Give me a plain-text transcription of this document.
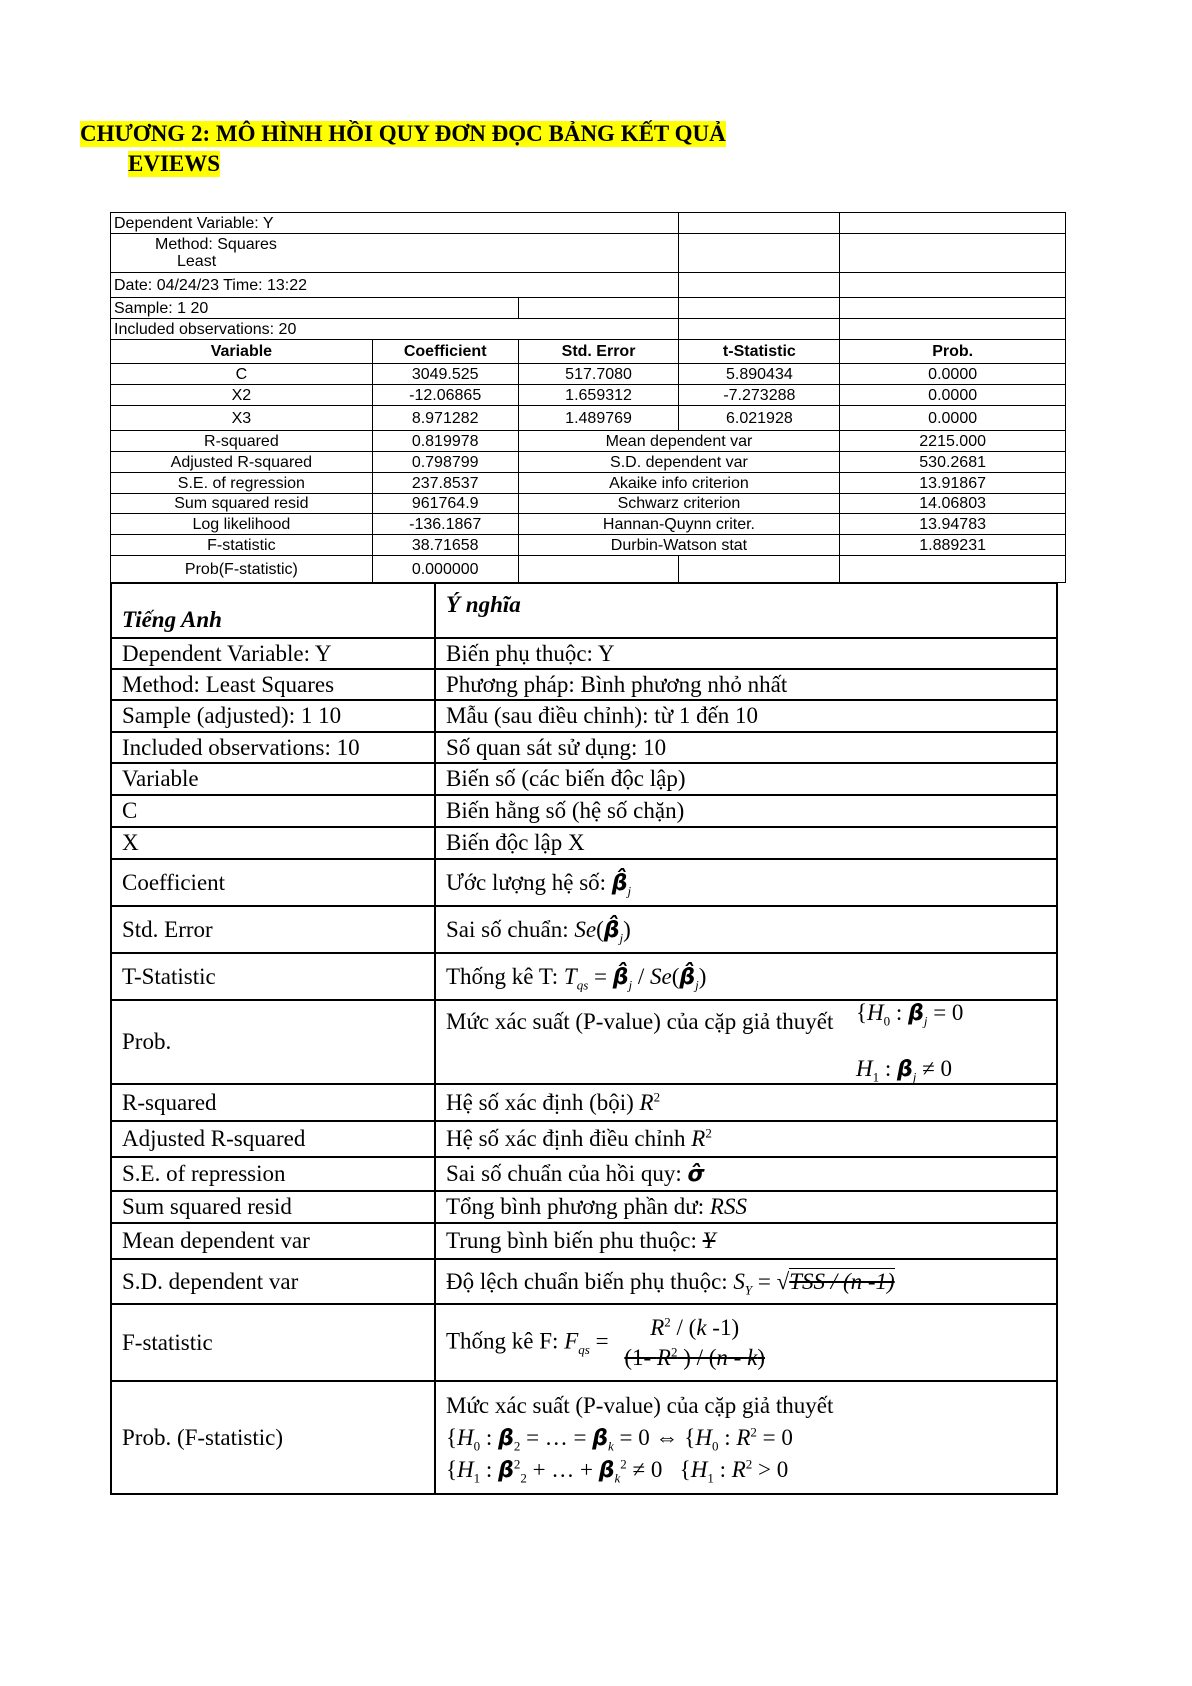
CHƯƠNG 2: MÔ HÌNH HỒI QUY ĐƠN ĐỌC BẢNG KẾT QUẢ
EVIEWS
Dependent Variable: Y				
Method: Squares
Least				
Date: 04/24/23 Time: 13:22				
Sample: 1 20				
Included observations: 20				
Variable	Coefficient	Std. Error	t-Statistic	Prob.
C	3049.525	517.7080	5.890434	0.0000
X2	-12.06865	1.659312	-7.273288	0.0000
X3	8.971282	1.489769	6.021928	0.0000
R-squared	0.819978	Mean dependent var		2215.000
Adjusted R-squared	0.798799	S.D. dependent var		530.2681
S.E. of regression	237.8537	Akaike info criterion		13.91867
Sum squared resid	961764.9	Schwarz criterion		14.06803
Log likelihood	-136.1867	Hannan-Quynn criter.		13.94783
F-statistic	38.71658	Durbin-Watson stat		1.889231
Prob(F-statistic)	0.000000			
Tiếng Anh	Ý nghĩa
Dependent Variable: Y	Biến phụ thuộc: Y
Method: Least Squares	Phương pháp: Bình phương nhỏ nhất
Sample (adjusted): 1 10	Mẫu (sau điều chỉnh): từ 1 đến 10
Included observations: 10	Số quan sát sử dụng: 10
Variable	Biến số (các biến độc lập)
C	Biến hằng số (hệ số chặn)
X	Biến độc lập X
Coefficient	Ước lượng hệ số: $\betâ_j$
Std. Error	Sai số chuẩn: $Se(\betâ_j)$
T-Statistic	Thống kê T: $T_{qs}$ = $\betâ_j$ / $Se(\betâ_j)$
Prob.	Mức xác suất (P-value) của cặp giả thuyết {$H_0$ : $\beta_j = 0$

$H_1$ : $\beta_j \ne 0$

R-squared	Hệ số xác định (bội) $R^2$
Adjusted R-squared	Hệ số xác định điều chỉnh $R^2$
S.E. of repression	Sai số chuẩn của hồi quy: σ̂
Sum squared resid	Tổng bình phương phần dư: RSS
Mean dependent var	Trung bình biến phu thuộc: Y
S.D. dependent var	Độ lệch chuẩn biến phụ thuộc: $S_Y = √TSS / (n$ -1)
F-statistic	Thống kê F: $F_{qs}$ =
$R^2 / (k$ -1)
(1- $R^2$ ) / (n - k)

Prob. (F-statistic)	Mức xác suất (P-value) của cặp giả thuyết
{$H_0$ : $\beta_2$ = … = $\beta_k = 0$ ⇔ {$H_0$ : $R^2 = 0$
{$H_1$ : $\beta^2_2$ + … + $\beta_k^2 \ne 0$   {$H_1$ : $R^2 > 0$
